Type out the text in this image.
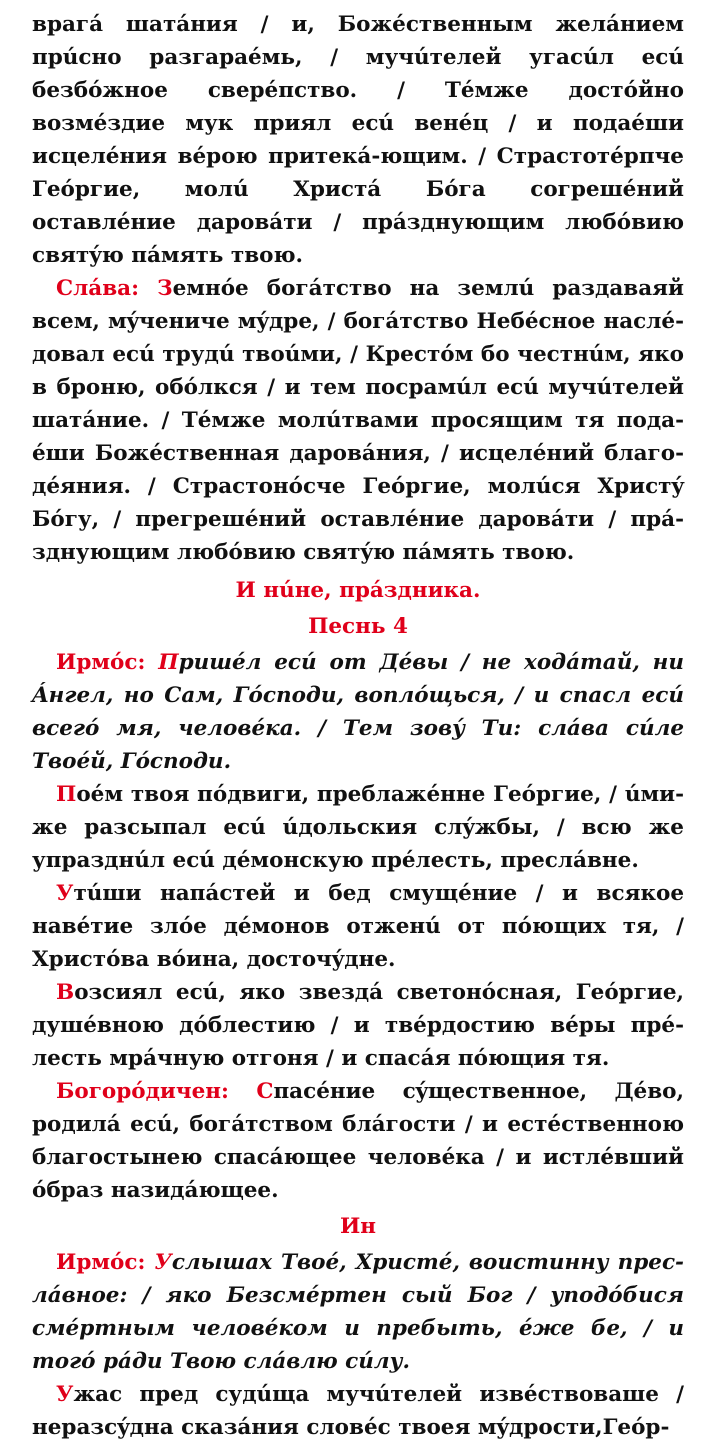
врагá шатáния / и, Божéственным желáнием прúсно разгараéмь, / мучúтелей угасúл есú безбóжное сверéпство. / Тéмже достóйно возмéздие мук приял есú венéц / и подаéши исцелéния вéрою притекá-ющим. / Страстотéрпче Геóргие, молú Христá Бóга согрешéний оставлéние даровáти / прáзднующим любóвию святýю пáмять твою.

Слáва: Земнóе богáтство на землú раздаваяй всем, мýчениче мýдре, / богáтство Небéсное наслé-довал есú трудú твоúми, / Крестóм бо честнúм, яко в броню, обóлкся / и тем посрамúл есú мучúтелей шатáние. / Тéмже молúтвами просящим тя пода-éши Божéственная даровáния, / исцелéний благо-дéяния. / Страстонóсче Геóргие, молúся Христý Бóгу, / прегрешéний оставлéние даровáти / прá-зднующим любóвию святýю пáмять твою.

И нúне, прáздника.

Песнь 4

Ирмóс: Пришéл есú от Дéвы / не ходáтай, ни Áнгел, но Сам, Гóсподи, воплóщься, / и спасл есú всегó мя, человéка. / Тем зовý Ти: слáва сúле Твоéй, Гóсподи.

Поéм твоя пóдвиги, преблажéнне Геóргие, / úми-же разсыпал есú úдольския слýжбы, / всю же упразднúл есú дéмонскую прéлесть, преслáвне.

Утúши напáстей и бед смущéние / и всякое навéтие злóе дéмонов отженú от пóющих тя, / Христóва вóина, досточýдне.

Возсиял есú, яко звездá светонóсная, Геóргие, душéвною дóблестию / и твéрдостию вéры прé-лесть мрáчную отгоня / и спасáя пóющия тя.

Богорóдичен: Спасéние сýщественное, Дéво, родилá есú, богáтством блáгости / и естéственною благостынею спасáющее человéка / и истлéвший óбраз назидáющее.

Ин

Ирмóс: Услышах Твоé, Христé, вoистинну прес-лáвное: / яко Безсмéртен сый Бог / уподóбися смéртным человéком и пребыть, éже бе, / и тогó рáди Твою слáвлю сúлу.

Ужас пред судúща мучúтелей извéствоваше / неразсýдна сказáния словéс твоея мýдрости,Геóр-
